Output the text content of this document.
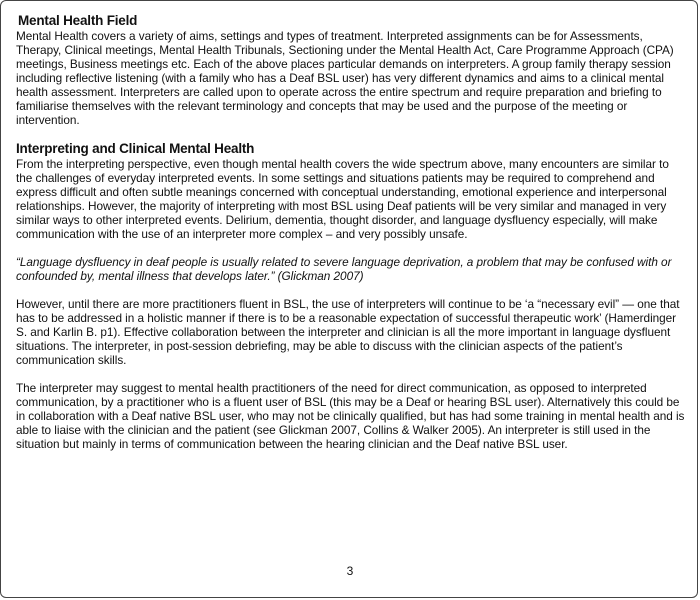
Mental Health Field

Mental Health covers a variety of aims, settings and types of treatment. Interpreted assignments can be for Assessments, Therapy, Clinical meetings, Mental Health Tribunals, Sectioning under the Mental Health Act, Care Programme Approach (CPA) meetings, Business meetings etc. Each of the above places particular demands on interpreters. A group family therapy session including reflective listening (with a family who has a Deaf BSL user) has very different dynamics and aims to a clinical mental health assessment. Interpreters are called upon to operate across the entire spectrum and require preparation and briefing to familiarise themselves with the relevant terminology and concepts that may be used and the purpose of the meeting or intervention.

Interpreting and Clinical Mental Health

From the interpreting perspective, even though mental health covers the wide spectrum above, many encounters are similar to the challenges of everyday interpreted events. In some settings and situations patients may be required to comprehend and express difficult and often subtle meanings concerned with conceptual understanding, emotional experience and interpersonal relationships. However, the majority of interpreting with most BSL using Deaf patients will be very similar and managed in very similar ways to other interpreted events. Delirium, dementia, thought disorder, and language dysfluency especially, will make communication with the use of an interpreter more complex – and very possibly unsafe.

“Language dysfluency in deaf people is usually related to severe language deprivation, a problem that may be confused with or confounded by, mental illness that develops later.” (Glickman 2007)

However, until there are more practitioners fluent in BSL, the use of interpreters will continue to be ‘a “necessary evil” — one that has to be addressed in a holistic manner if there is to be a reasonable expectation of successful therapeutic work’ (Hamerdinger S. and Karlin B. p1). Effective collaboration between the interpreter and clinician is all the more important in language dysfluent situations. The interpreter, in post-session debriefing, may be able to discuss with the clinician aspects of the patient’s communication skills.

The interpreter may suggest to mental health practitioners of the need for direct communication, as opposed to interpreted communication, by a practitioner who is a fluent user of BSL (this may be a Deaf or hearing BSL user). Alternatively this could be in collaboration with a Deaf native BSL user, who may not be clinically qualified, but has had some training in mental health and is able to liaise with the clinician and the patient (see Glickman 2007, Collins & Walker 2005). An interpreter is still used in the situation but mainly in terms of communication between the hearing clinician and the Deaf native BSL user.

3
